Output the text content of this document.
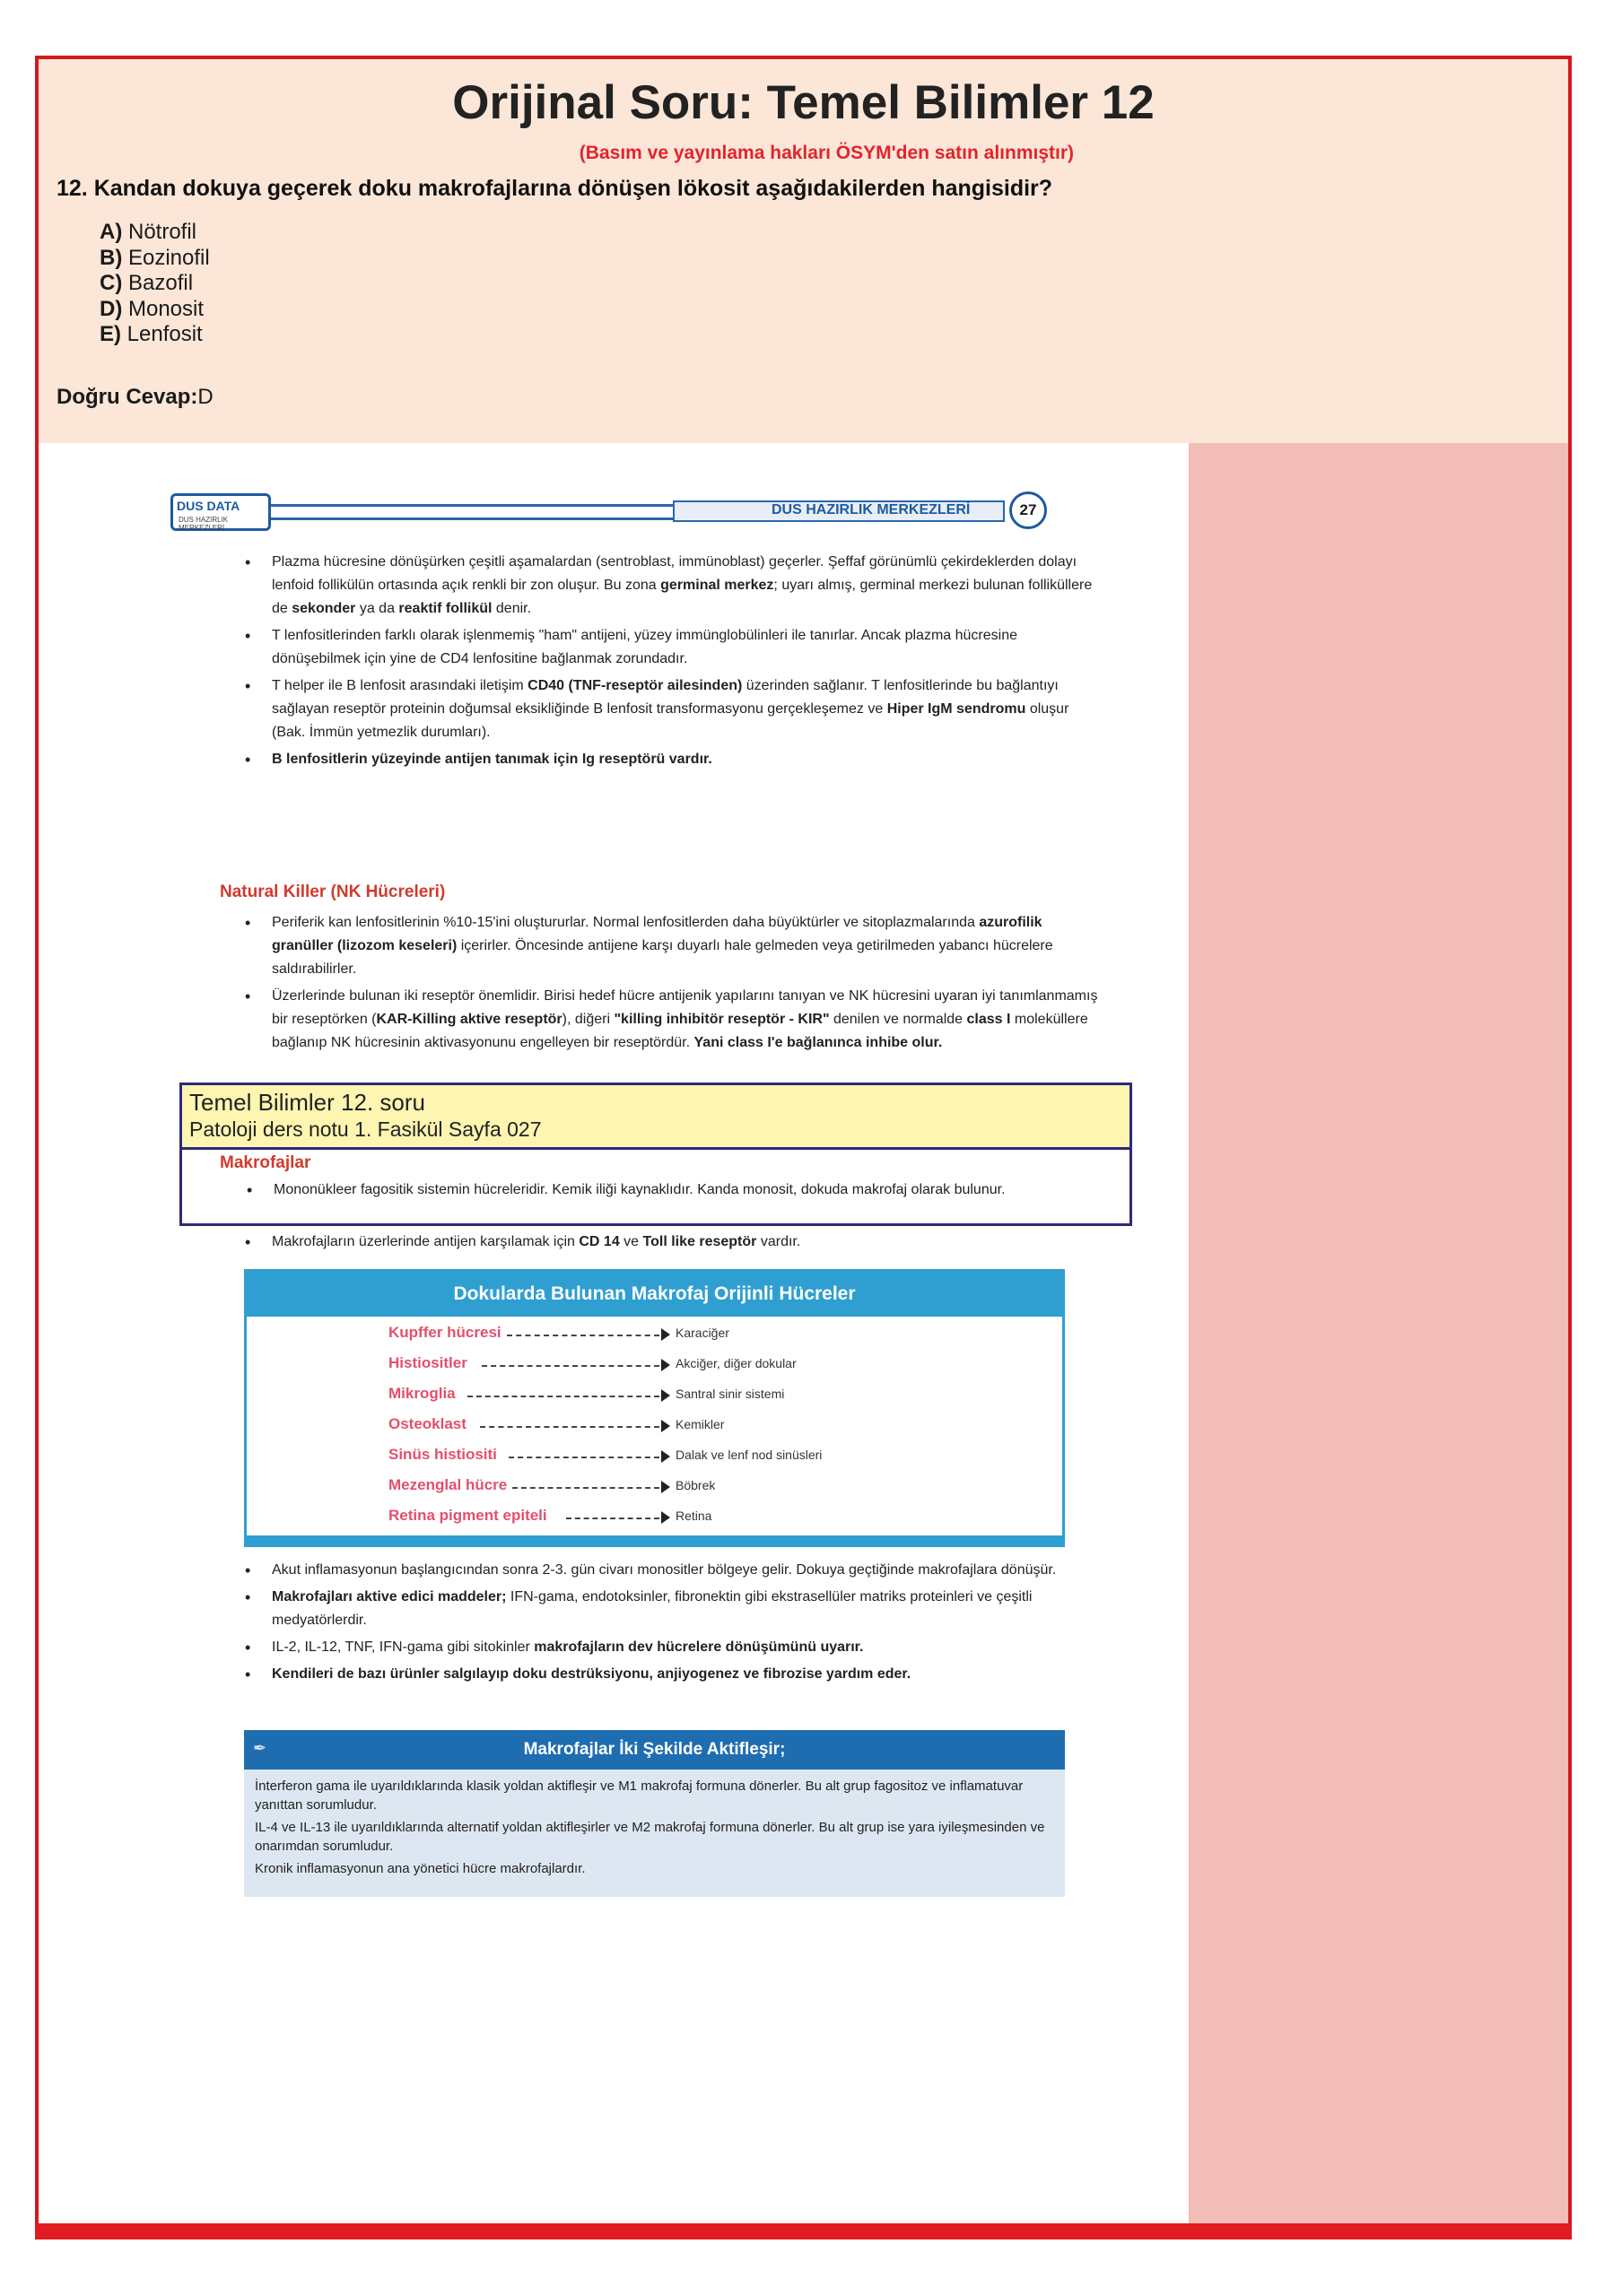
Orijinal Soru: Temel Bilimler 12
(Basım ve yayınlama hakları ÖSYM'den satın alınmıştır)
12. Kandan dokuya geçerek doku makrofajlarına dönüşen lökosit aşağıdakilerden hangisidir?
A) Nötrofil
B) Eozinofil
C) Bazofil
D) Monosit
E) Lenfosit
Doğru Cevap:D
DUS DATA
DUS HAZIRLIK MERKEZLERİ
DUS HAZIRLIK MERKEZLERİ	27
• Plazma hücresine dönüşürken çeşitli aşamalardan (sentroblast, immünoblast) geçerler. Şeffaf görünümlü çekirdeklerden dolayı lenfoid follikülün ortasında açık renkli bir zon oluşur. Bu zona germinal merkez; uyarı almış, germinal merkezi bulunan folliküllere de sekonder ya da reaktif follikül denir.
• T lenfositlerinden farklı olarak işlenmemiş "ham" antijeni, yüzey immünglobülinleri ile tanırlar. Ancak plazma hücresine dönüşebilmek için yine de CD4 lenfositine bağlanmak zorundadır.
• T helper ile B lenfosit arasındaki iletişim CD40 (TNF-reseptör ailesinden) üzerinden sağlanır. T lenfositlerinde bu bağlantıyı sağlayan reseptör proteinin doğumsal eksikliğinde B lenfosit transformasyonu gerçekleşemez ve Hiper IgM sendromu oluşur (Bak. İmmün yetmezlik durumları).
• B lenfositlerin yüzeyinde antijen tanımak için Ig reseptörü vardır.
Natural Killer (NK Hücreleri)
• Periferik kan lenfositlerinin %10-15'ini oluştururlar. Normal lenfositlerden daha büyüktürler ve sitoplazmalarında azurofilik granüller (lizozom keseleri) içerirler. Öncesinde antijene karşı duyarlı hale gelmeden veya getirilmeden yabancı hücrelere saldırabilirler.
• Üzerlerinde bulunan iki reseptör önemlidir. Birisi hedef hücre antijenik yapılarını tanıyan ve NK hücresini uyaran iyi tanımlanmamış bir reseptörken (KAR-Killing aktive reseptör), diğeri "killing inhibitör reseptör - KIR" denilen ve normalde class I moleküllere bağlanıp NK hücresinin aktivasyonunu engelleyen bir reseptördür. Yani class I'e bağlanınca inhibe olur.
Temel Bilimler 12. soru
Patoloji ders notu 1. Fasikül Sayfa 027
Makrofajlar
• Mononükleer fagositik sistemin hücreleridir. Kemik iliği kaynaklıdır. Kanda monosit, dokuda makrofaj olarak bulunur.
• Makrofajların üzerlerinde antijen karşılamak için CD 14 ve Toll like reseptör vardır.
Dokularda Bulunan Makrofaj Orijinli Hücreler
Kupffer hücresi	Karaciğer
Histiositler	Akciğer, diğer dokular
Mikroglia	Santral sinir sistemi
Osteoklast	Kemikler
Sinüs histiositi	Dalak ve lenf nod sinüsleri
Mezenglal hücre	Böbrek
Retina pigment epiteli	Retina
• Akut inflamasyonun başlangıcından sonra 2-3. gün civarı monositler bölgeye gelir. Dokuya geçtiğinde makrofajlara dönüşür.
• Makrofajları aktive edici maddeler; IFN-gama, endotoksinler, fibronektin gibi ekstrasellüler matriks proteinleri ve çeşitli medyatörlerdir.
• IL-2, IL-12, TNF, IFN-gama gibi sitokinler makrofajların dev hücrelere dönüşümünü uyarır.
• Kendileri de bazı ürünler salgılayıp doku destrüksiyonu, anjiyogenez ve fibrozise yardım eder.
Makrofajlar İki Şekilde Aktifleşir;
✒

İnterferon gama ile uyarıldıklarında klasik yoldan aktifleşir ve M1 makrofaj formuna dönerler. Bu alt grup fagositoz ve inflamatuvar yanıttan sorumludur.

IL-4 ve IL-13 ile uyarıldıklarında alternatif yoldan aktifleşirler ve M2 makrofaj formuna dönerler. Bu alt grup ise yara iyileşmesinden ve onarımdan sorumludur.

Kronik inflamasyonun ana yönetici hücre makrofajlardır.
